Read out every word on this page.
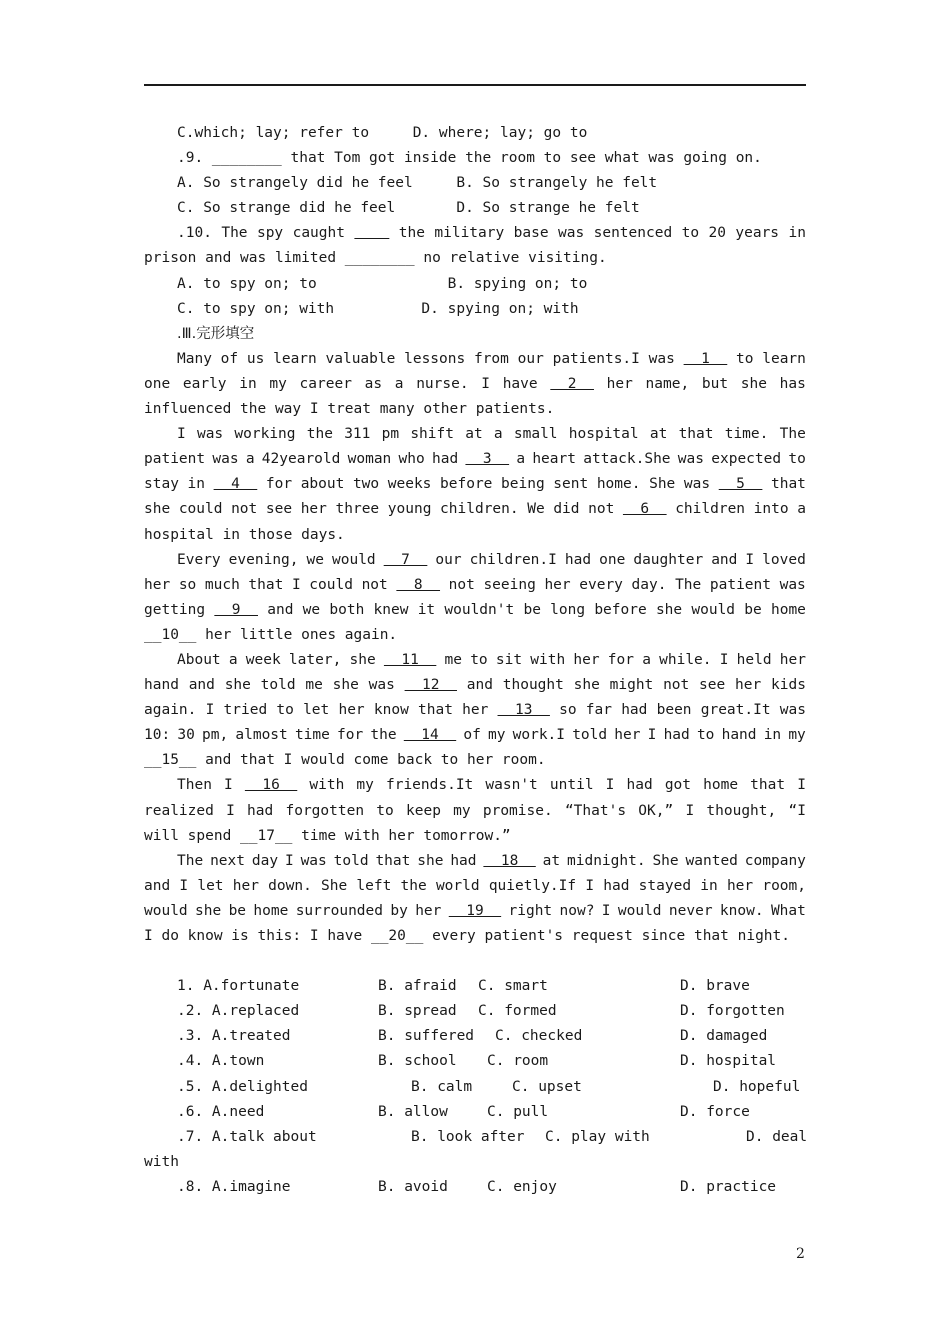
C.which; lay; refer to     D. where; lay; go to
.9. ________ that Tom got inside the room to see what was going on.
A. So strangely did he feel     B. So strangely he felt
C. So strange did he feel       D. So strange he felt
.10. The spy caught
	the military base was sentenced to 20 years in
prison and was limited ________ no relative visiting.
A. to spy on; to               B. spying on; to
C. to spy on; with          D. spying on; with
.Ⅲ.完形填空
Many of us learn valuable lessons from our patients.I was 1 to learn
one early in my career as a nurse. I have 2 her name, but she has
influenced the way I treat many other patients.
I was working the 311 pm shift at a small hospital at that time. The
patient was a 42yearold woman who had 3 a heart attack.She was expected to
stay in 4 for about two weeks before being sent home. She was 5 that
she could not see her three young children. We did not 6 children into a
hospital in those days.
Every evening, we would 7 our children.I had one daughter and I loved
her so much that I could not 8 not seeing her every day. The patient was
getting 9 and we both knew it wouldn't be long before she would be home
__10__ her little ones again.
About a week later, she 11 me to sit with her for a while. I held her
hand and she told me she was 12 and thought she might not see her kids
again. I tried to let her know that her 13 so far had been great.It was
10: 30 pm, almost time for the 14 of my work.I told her I had to hand in my
__15__ and that I would come back to her room.
Then I 16 with my friends.It wasn't until I had got home that I
realized I had forgotten to keep my promise. “That's OK,” I thought, “I
will spend __17__ time with her tomorrow.”
The next day I was told that she had 18 at midnight. She wanted company
and I let her down. She left the world quietly.If I had stayed in her room,
would she be home surrounded by her 19 right now? I would never know. What
I do know is this: I have __20__ every patient's request since that night.
1. A.fortunate	B. afraid C. smart	D. brave
.2. A.replaced	B. spread C. formed	D. forgotten
.3. A.treated	B. suffered C. checked	D. damaged
.4. A.town	B. school C. room	D. hospital
.5. A.delighted	B. calm	C. upset	D. hopeful
.6. A.need	B. allow	C. pull	D. force
.7. A.talk about	B. look after C. play with	D. deal
with
.8. A.imagine	B. avoid	C. enjoy	D. practice
2
